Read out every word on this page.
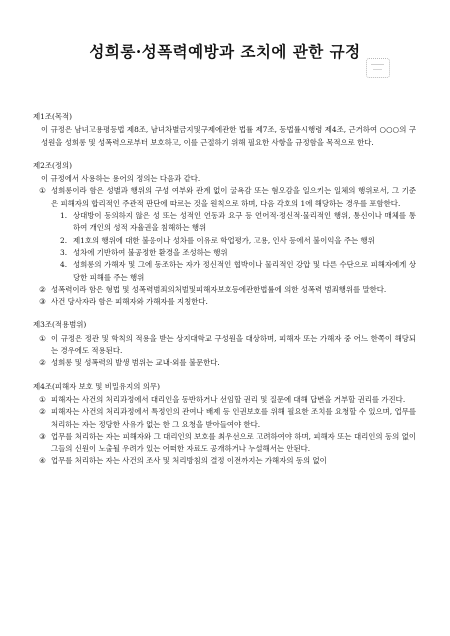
성희롱·성폭력예방과 조치에 관한 규정

제1조(목적)

이 규정은 남녀고용평등법 제8조, 남녀차별금지및구제에관한 법률 제7조, 동법률시행령 제4조, 근거하여 ○○○의 구성원을 성희롱 및 성폭력으로부터 보호하고, 이를 근절하기 위해 필요한 사항을 규정함을 목적으로 한다.

제2조(정의)

이 규정에서 사용하는 용어의 정의는 다음과 같다.

① 성희롱이라 함은 성별과 행위의 구성 여부와 관계 없이 굴욕감 또는 혐오감을 일으키는 일체의 행위로서, 그 기준은 피해자의 합리적인 주관적 판단에 따르는 것을 원칙으로 하며, 다음 각호의 1에 해당하는 경우를 포함한다.
1. 상대방이 동의하지 않은 성 또는 성적인 언동과 요구 등 언어적·정신적·물리적인 행위, 통신이나 매체를 통하여 개인의 성적 자율권을 침해하는 행위
2. 제1호의 행위에 대한 불응이나 성차를 이유로 학업평가, 고용, 인사 등에서 불이익을 주는 행위
3. 성차에 기반하여 불공정한 환경을 조성하는 행위
4. 성희롱의 가해자 및 그에 동조하는 자가 정신적인 협박이나 물리적인 강압 및 다른 수단으로 피해자에게 상당한 피해를 주는 행위
② 성폭력이라 함은 형법 및 성폭력범죄의처벌및피해자보호등에관한법률에 의한 성폭력 범죄행위를 말한다.
③ 사건 당사자라 함은 피해자와 가해자를 지칭한다.

제3조(적용범위)

① 이 규정은 정관 및 학칙의 적용을 받는 상지대학교 구성원을 대상하며, 피해자 또는 가해자 중 어느 한쪽이 해당되는 경우에도 적용된다.
② 성희롱 및 성폭력의 발생 범위는 교내·외를 불문한다.

제4조(피해자 보호 및 비밀유지의 의무)

① 피해자는 사건의 처리과정에서 대리인을 동반하거나 선임할 권리 및 질문에 대해 답변을 거부할 권리를 가진다.
② 피해자는 사건의 처리과정에서 특정인의 관여나 배제 등 인권보호를 위해 필요한 조치를 요청할 수 있으며, 업무를 처리하는 자는 정당한 사유가 없는 한 그 요청을 받아들여야 한다.
③ 업무를 처리하는 자는 피해자와 그 대리인의 보호를 최우선으로 고려하여야 하며, 피해자 또는 대리인의 동의 없이 그들의 신원이 노출될 우려가 있는 어떠한 자료도 공개하거나 누설해서는 안된다.
④ 업무를 처리하는 자는 사건의 조사 및 처리방침의 결정 이전까지는 가해자의 동의 없이
